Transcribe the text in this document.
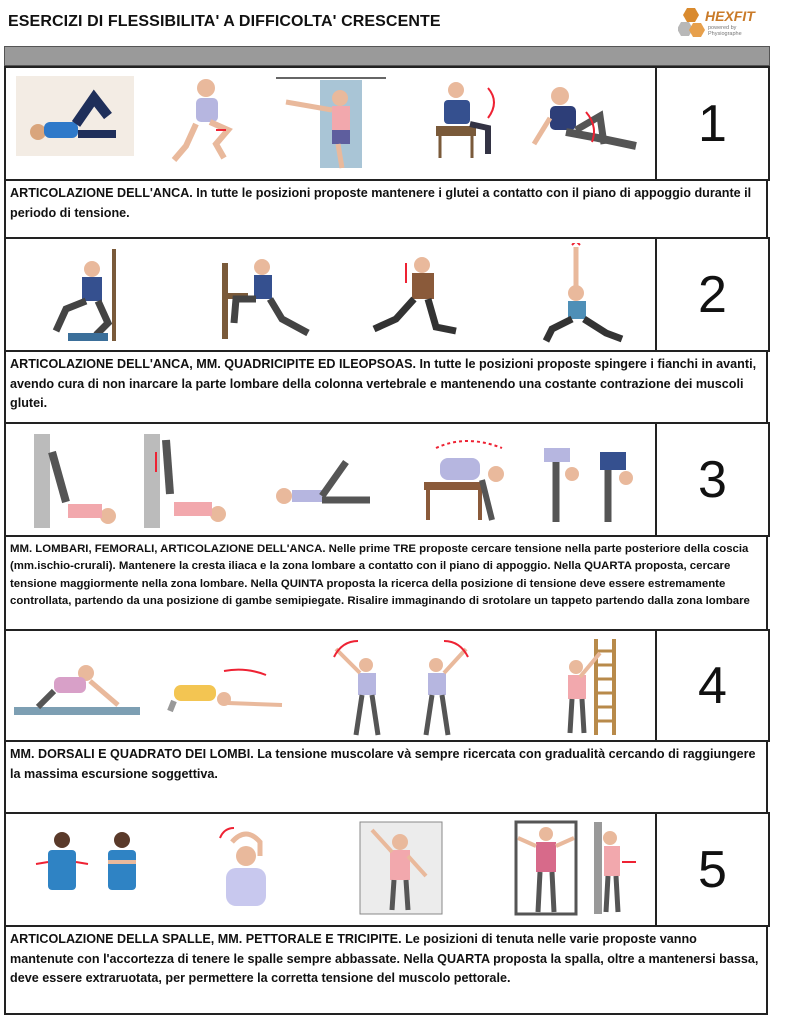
ESERCIZI DI FLESSIBILITA' A DIFFICOLTA' CRESCENTE	HEXFIT
powered by
Physiographe
1
ARTICOLAZIONE DELL'ANCA. In tutte le posizioni proposte mantenere i glutei a contatto con il piano di appoggio durante il periodo di tensione.
2
ARTICOLAZIONE DELL'ANCA, MM. QUADRICIPITE ED ILEOPSOAS. In tutte le posizioni proposte spingere i fianchi in avanti, avendo cura di non inarcare la parte lombare della colonna vertebrale e mantenendo una costante contrazione dei muscoli glutei.
3
MM. LOMBARI, FEMORALI, ARTICOLAZIONE DELL'ANCA. Nelle prime TRE proposte cercare tensione nella parte posteriore della coscia (mm.ischio-crurali). Mantenere la cresta iliaca e la zona lombare a contatto con il piano di appoggio. Nella QUARTA proposta, cercare tensione maggiormente nella zona lombare. Nella QUINTA proposta la ricerca della posizione di tensione deve essere estremamente controllata, partendo da una posizione di gambe semipiegate. Risalire immaginando di srotolare un tappeto partendo dalla zona lombare
4
MM. DORSALI E QUADRATO DEI LOMBI. La tensione muscolare và sempre ricercata con gradualità cercando di raggiungere la massima escursione soggettiva.
5
ARTICOLAZIONE DELLA SPALLE, MM. PETTORALE E TRICIPITE. Le posizioni di tenuta nelle varie proposte vanno mantenute con l'accortezza di tenere le spalle sempre abbassate. Nella QUARTA proposta la spalla, oltre a mantenersi bassa, deve essere extraruotata, per permettere la corretta tensione del muscolo pettorale.
